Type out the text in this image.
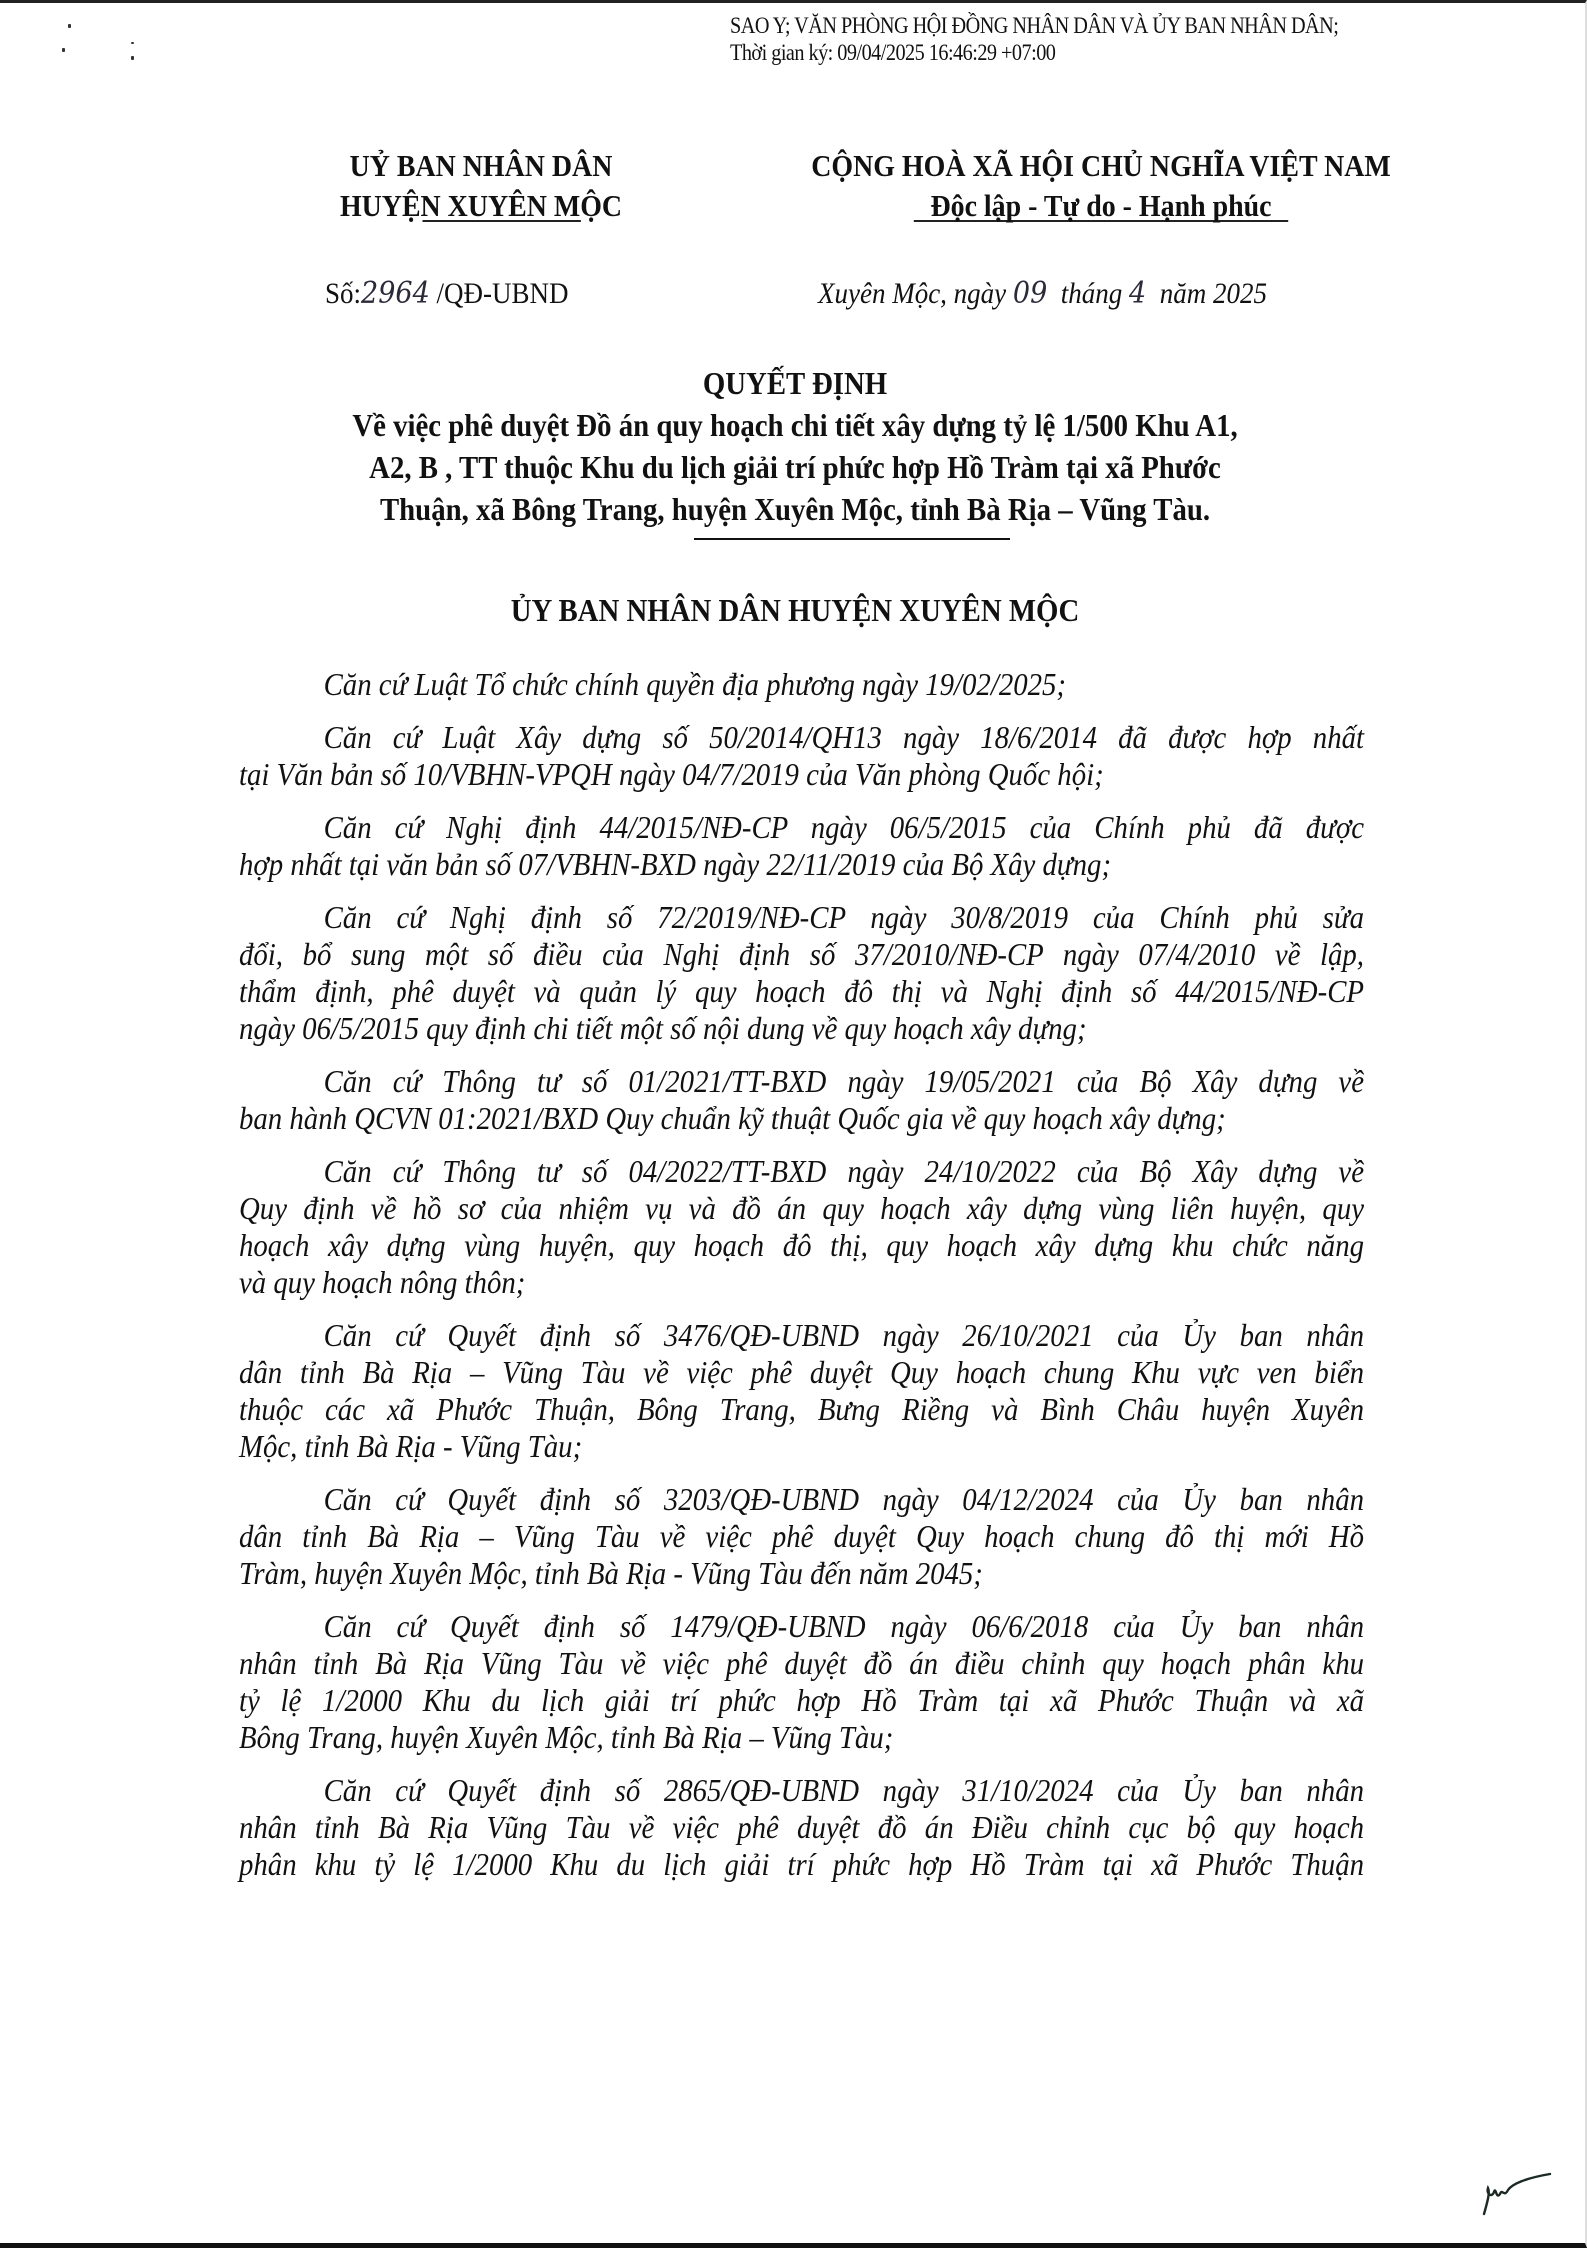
SAO Y; VĂN PHÒNG HỘI ĐỒNG NHÂN DÂN VÀ ỦY BAN NHÂN DÂN;
Thời gian ký: 09/04/2025 16:46:29 +07:00
UỶ BAN NHÂN DÂN
HUYỆN XUYÊN MỘC
CỘNG HOÀ XÃ HỘI CHỦ NGHĨA VIỆT NAM
Độc lập - Tự do - Hạnh phúc
Số:2964 /QĐ-UBND	Xuyên Mộc, ngày 09 tháng 4 năm 2025
QUYẾT ĐỊNH
Về việc phê duyệt Đồ án quy hoạch chi tiết xây dựng tỷ lệ 1/500 Khu A1,
A2, B , TT thuộc Khu du lịch giải trí phức hợp Hồ Tràm tại xã Phước
Thuận, xã Bông Trang, huyện Xuyên Mộc, tỉnh Bà Rịa – Vũng Tàu.
ỦY BAN NHÂN DÂN HUYỆN XUYÊN MỘC
Căn cứ Luật Tổ chức chính quyền địa phương ngày 19/02/2025;
Căn cứ Luật Xây dựng số 50/2014/QH13 ngày 18/6/2014 đã được hợp nhất
tại Văn bản số 10/VBHN-VPQH ngày 04/7/2019 của Văn phòng Quốc hội;
Căn cứ Nghị định 44/2015/NĐ-CP ngày 06/5/2015 của Chính phủ đã được
hợp nhất tại văn bản số 07/VBHN-BXD ngày 22/11/2019 của Bộ Xây dựng;
Căn cứ Nghị định số 72/2019/NĐ-CP ngày 30/8/2019 của Chính phủ sửa
đổi, bổ sung một số điều của Nghị định số 37/2010/NĐ-CP ngày 07/4/2010 về lập,
thẩm định, phê duyệt và quản lý quy hoạch đô thị và Nghị định số 44/2015/NĐ-CP
ngày 06/5/2015 quy định chi tiết một số nội dung về quy hoạch xây dựng;
Căn cứ Thông tư số 01/2021/TT-BXD ngày 19/05/2021 của Bộ Xây dựng về
ban hành QCVN 01:2021/BXD Quy chuẩn kỹ thuật Quốc gia về quy hoạch xây dựng;
Căn cứ Thông tư số 04/2022/TT-BXD ngày 24/10/2022 của Bộ Xây dựng về
Quy định về hồ sơ của nhiệm vụ và đồ án quy hoạch xây dựng vùng liên huyện, quy
hoạch xây dựng vùng huyện, quy hoạch đô thị, quy hoạch xây dựng khu chức năng
và quy hoạch nông thôn;
Căn cứ Quyết định số 3476/QĐ-UBND ngày 26/10/2021 của Ủy ban nhân
dân tỉnh Bà Rịa – Vũng Tàu về việc phê duyệt Quy hoạch chung Khu vực ven biển
thuộc các xã Phước Thuận, Bông Trang, Bưng Riềng và Bình Châu huyện Xuyên
Mộc, tỉnh Bà Rịa - Vũng Tàu;
Căn cứ Quyết định số 3203/QĐ-UBND ngày 04/12/2024 của Ủy ban nhân
dân tỉnh Bà Rịa – Vũng Tàu về việc phê duyệt Quy hoạch chung đô thị mới Hồ
Tràm, huyện Xuyên Mộc, tỉnh Bà Rịa - Vũng Tàu đến năm 2045;
Căn cứ Quyết định số 1479/QĐ-UBND ngày 06/6/2018 của Ủy ban nhân
nhân tỉnh Bà Rịa Vũng Tàu về việc phê duyệt đồ án điều chỉnh quy hoạch phân khu
tỷ lệ 1/2000 Khu du lịch giải trí phức hợp Hồ Tràm tại xã Phước Thuận và xã
Bông Trang, huyện Xuyên Mộc, tỉnh Bà Rịa – Vũng Tàu;
Căn cứ Quyết định số 2865/QĐ-UBND ngày 31/10/2024 của Ủy ban nhân
nhân tỉnh Bà Rịa Vũng Tàu về việc phê duyệt đồ án Điều chỉnh cục bộ quy hoạch
phân khu tỷ lệ 1/2000 Khu du lịch giải trí phức hợp Hồ Tràm tại xã Phước Thuận
